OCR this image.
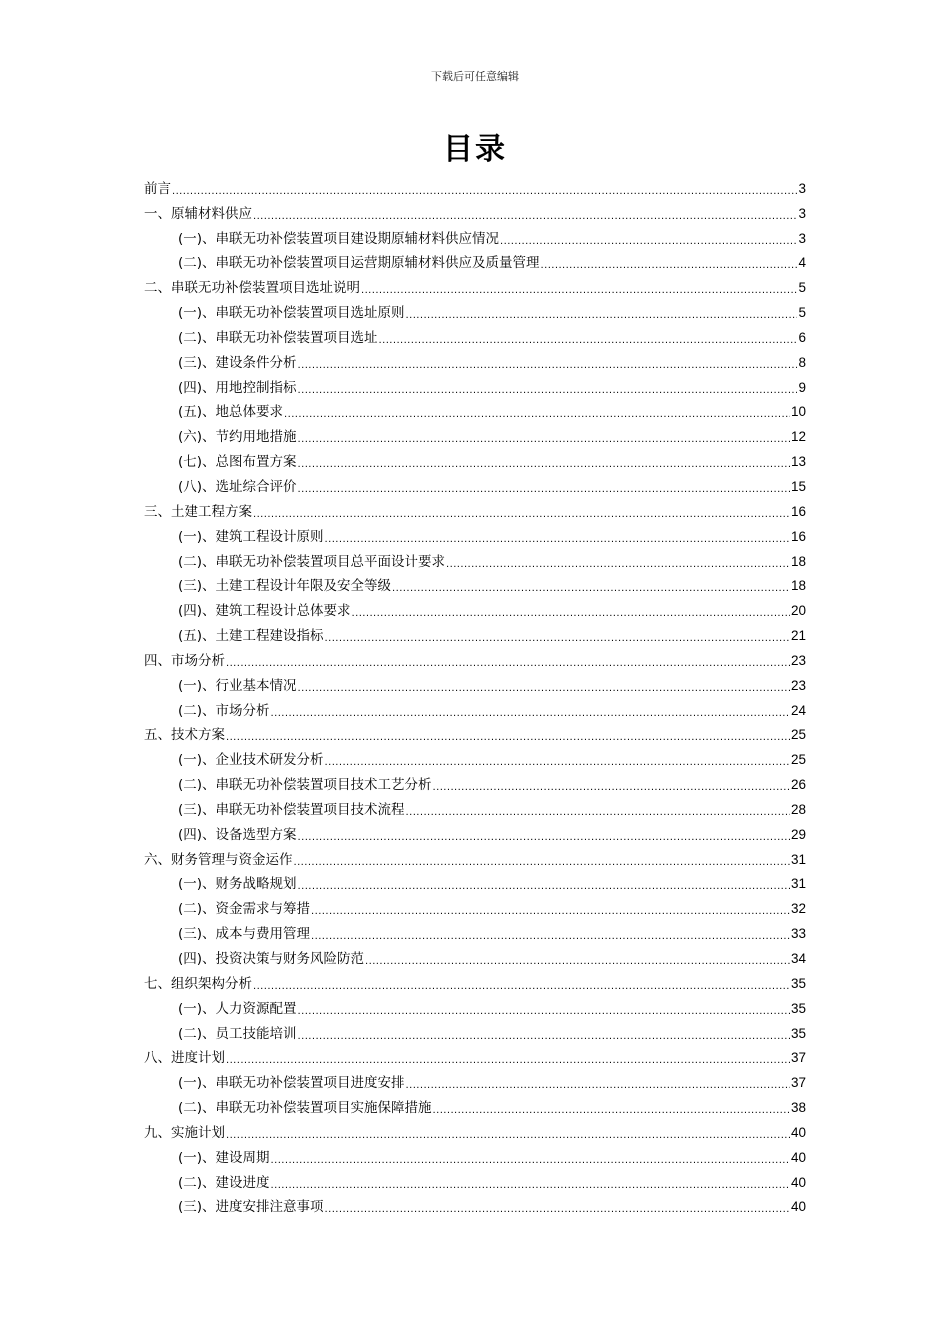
下载后可任意编辑
目录
前言 .....	3
一、原辅材料供应 .....	3
(一)、串联无功补偿装置项目建设期原辅材料供应情况 .....	3
(二)、串联无功补偿装置项目运营期原辅材料供应及质量管理 .....	4
二、串联无功补偿装置项目选址说明 .....	5
(一)、串联无功补偿装置项目选址原则 .....	5
(二)、串联无功补偿装置项目选址 .....	6
(三)、建设条件分析 .....	8
(四)、用地控制指标 .....	9
(五)、地总体要求 .....	10
(六)、节约用地措施 .....	12
(七)、总图布置方案 .....	13
(八)、选址综合评价 .....	15
三、土建工程方案 .....	16
(一)、建筑工程设计原则 .....	16
(二)、串联无功补偿装置项目总平面设计要求 .....	18
(三)、土建工程设计年限及安全等级 .....	18
(四)、建筑工程设计总体要求 .....	20
(五)、土建工程建设指标 .....	21
四、市场分析 .....	23
(一)、行业基本情况 .....	23
(二)、市场分析 .....	24
五、技术方案 .....	25
(一)、企业技术研发分析 .....	25
(二)、串联无功补偿装置项目技术工艺分析 .....	26
(三)、串联无功补偿装置项目技术流程 .....	28
(四)、设备选型方案 .....	29
六、财务管理与资金运作 .....	31
(一)、财务战略规划 .....	31
(二)、资金需求与筹措 .....	32
(三)、成本与费用管理 .....	33
(四)、投资决策与财务风险防范 .....	34
七、组织架构分析 .....	35
(一)、人力资源配置 .....	35
(二)、员工技能培训 .....	35
八、进度计划 .....	37
(一)、串联无功补偿装置项目进度安排 .....	37
(二)、串联无功补偿装置项目实施保障措施 .....	38
九、实施计划 .....	40
(一)、建设周期 .....	40
(二)、建设进度 .....	40
(三)、进度安排注意事项 .....	40
